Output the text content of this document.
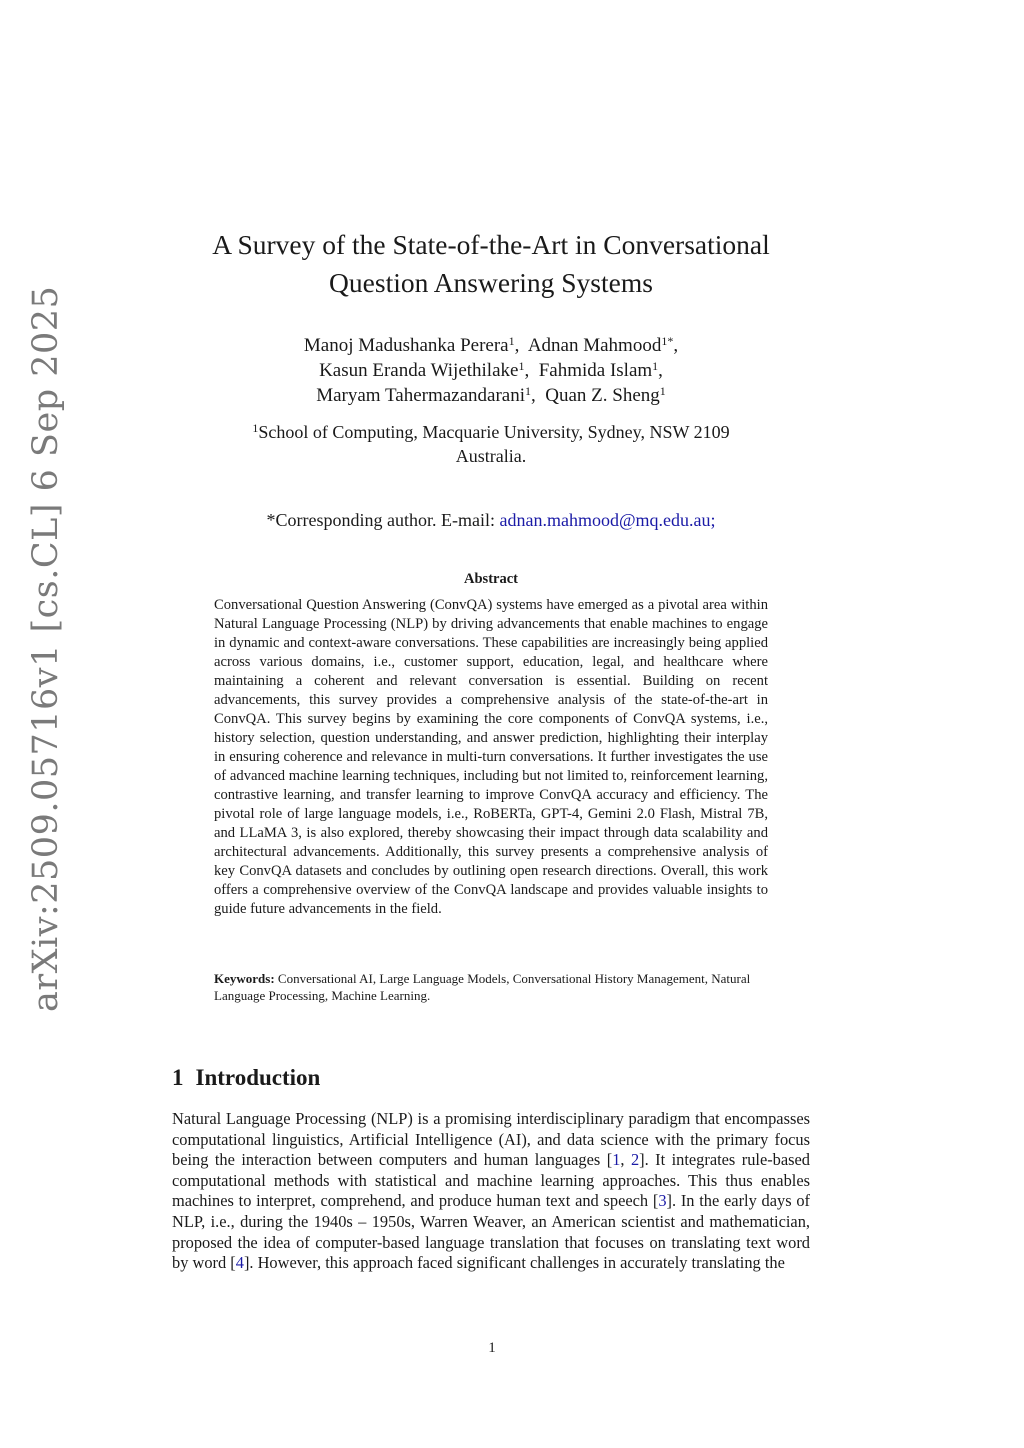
arXiv:2509.05716v1 [cs.CL] 6 Sep 2025
A Survey of the State-of-the-Art in Conversational
Question Answering Systems
Manoj Madushanka Perera$^1$,  Adnan Mahmood$^{1*}$,
Kasun Eranda Wijethilake$^1$,  Fahmida Islam$^1$,
Maryam Tahermazandarani$^1$,  Quan Z. Sheng$^1$
$^1$School of Computing, Macquarie University, Sydney, NSW 2109
Australia.
*Corresponding author. E-mail: adnan.mahmood@mq.edu.au;
Abstract
Conversational Question Answering (ConvQA) systems have emerged as a pivotal area within Natural Language Processing (NLP) by driving advancements that enable machines to engage in dynamic and context-aware conversations. These capabilities are increasingly being applied across various domains, i.e., customer support, education, legal, and healthcare where maintaining a coherent and relevant conversation is essential. Building on recent advancements, this survey provides a comprehensive analysis of the state-of-the-art in ConvQA. This survey begins by examining the core components of ConvQA systems, i.e., history selection, question understanding, and answer prediction, highlighting their interplay in ensuring coherence and relevance in multi-turn conversations. It further investigates the use of advanced machine learning techniques, including but not limited to, reinforcement learning, contrastive learning, and transfer learning to improve ConvQA accuracy and efficiency. The pivotal role of large language models, i.e., RoBERTa, GPT-4, Gemini 2.0 Flash, Mistral 7B, and LLaMA 3, is also explored, thereby showcasing their impact through data scalability and architectural advancements. Additionally, this survey presents a comprehensive analysis of key ConvQA datasets and concludes by outlining open research directions. Overall, this work offers a comprehensive overview of the ConvQA landscape and provides valuable insights to guide future advancements in the field.
Keywords: Conversational AI, Large Language Models, Conversational History Management, Natural Language Processing, Machine Learning.
1 Introduction
Natural Language Processing (NLP) is a promising interdisciplinary paradigm that encompasses computational linguistics, Artificial Intelligence (AI), and data science with the primary focus being the interaction between computers and human languages [1, 2]. It integrates rule-based computational methods with statistical and machine learning approaches. This thus enables machines to interpret, comprehend, and produce human text and speech [3]. In the early days of NLP, i.e., during the 1940s – 1950s, Warren Weaver, an American scientist and mathematician, proposed the idea of computer-based language translation that focuses on translating text word by word [4]. However, this approach faced significant challenges in accurately translating the
1
